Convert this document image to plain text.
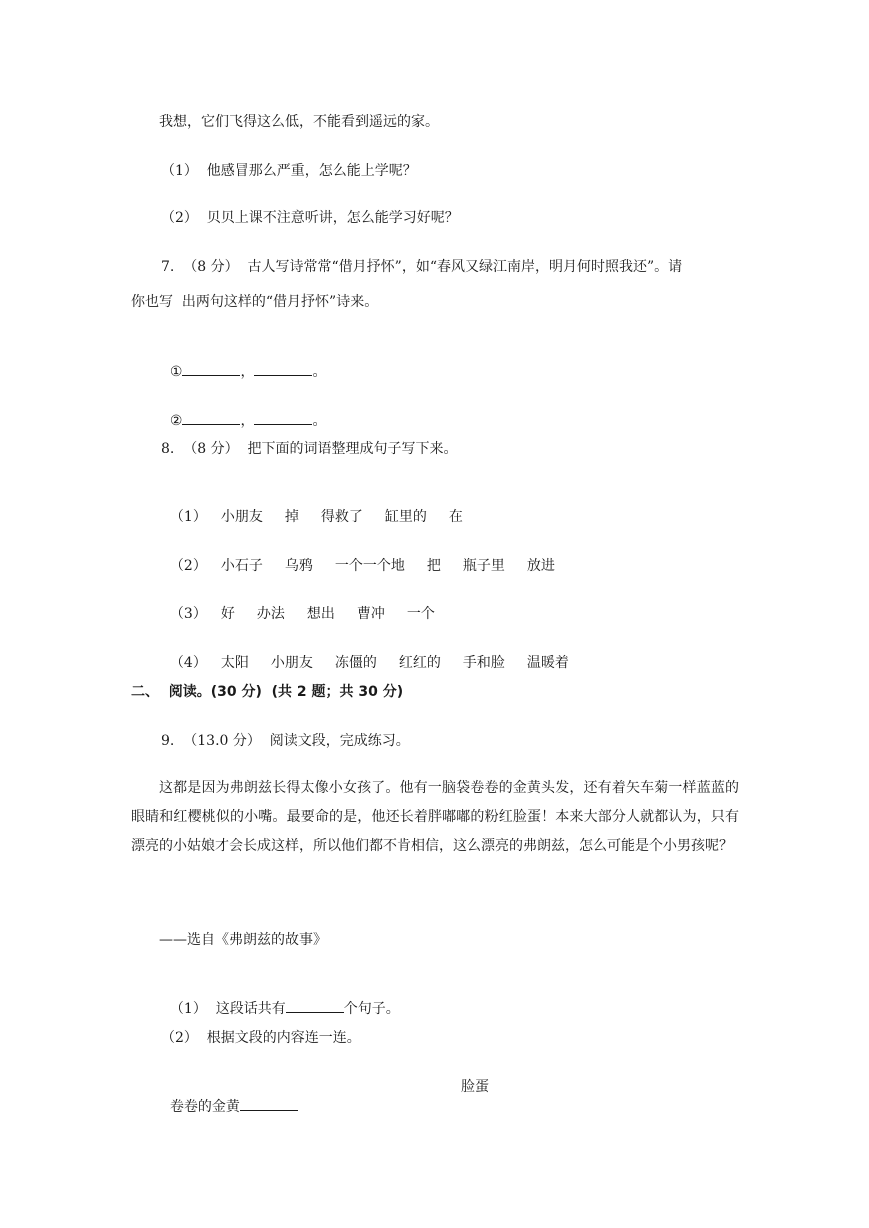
我想，它们飞得这么低，不能看到遥远的家。
（1）  他感冒那么严重，怎么能上学呢？
（2）  贝贝上课不注意听讲，怎么能学习好呢？
7.  （8 分）  古人写诗常常“借月抒怀”，如“春风又绿江南岸，明月何时照我还”。请
你也写  出两句这样的“借月抒怀”诗来。

①	，	。

②	，	。

8.  （8 分）  把下面的词语整理成句子写下来。

（1） 小朋友 掉 得救了 缸里的 在

（2） 小石子 乌鸦 一个一个地 把 瓶子里 放进

（3） 好 办法 想出 曹冲 一个

（4） 太阳 小朋友 冻僵的 红红的 手和脸 温暖着

二、  阅读。(30 分)  (共 2 题；共 30 分)
9.  （13.0 分）  阅读文段，完成练习。
这都是因为弗朗兹长得太像小女孩了。他有一脑袋卷卷的金黄头发，还有着矢车菊一样蓝蓝的眼睛和红樱桃似的小嘴。最要命的是，他还长着胖嘟嘟的粉红脸蛋！本来大部分人就都认为，只有漂亮的小姑娘才会长成这样，所以他们都不肯相信，这么漂亮的弗朗兹，怎么可能是个小男孩呢？
——选自《弗朗兹的故事》

（1）  这段话共有	个句子。

（2）  根据文段的内容连一连。

卷卷的金黄

脸蛋
